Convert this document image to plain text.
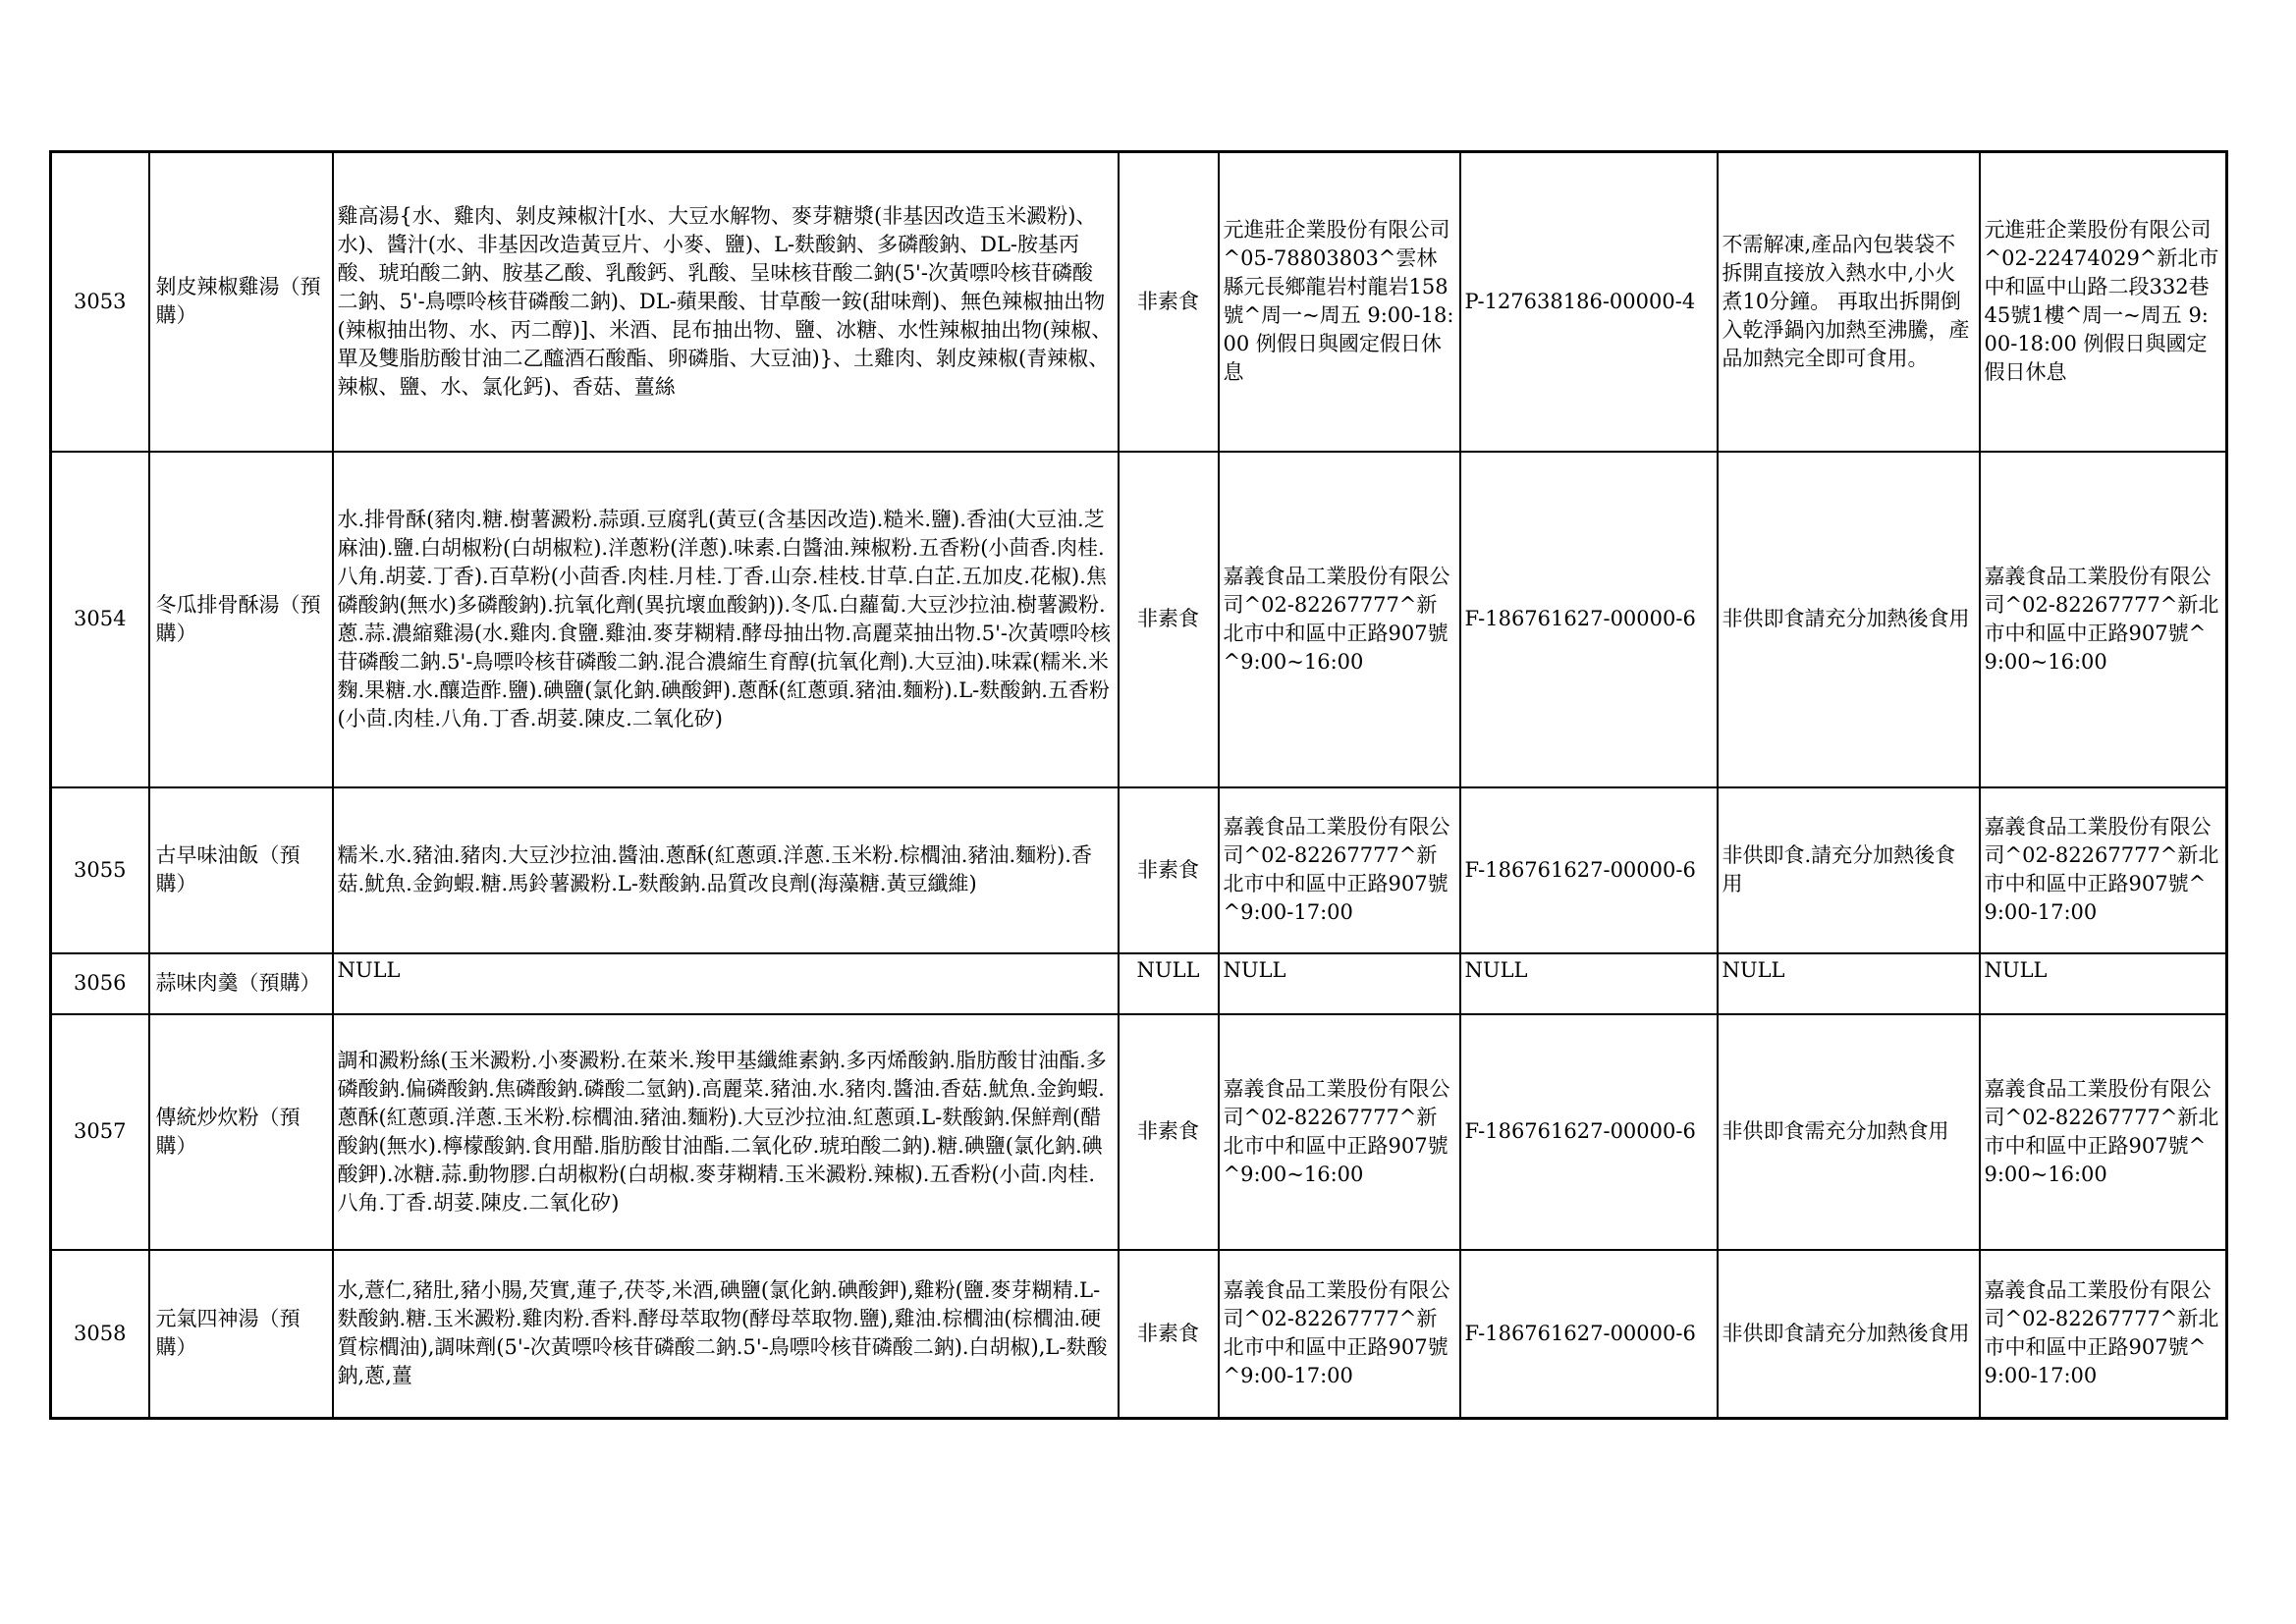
3053	剝皮辣椒雞湯（預購）	雞高湯{水、雞肉、剝皮辣椒汁[水、大豆水解物、麥芽糖漿(非基因改造玉米澱粉)、水)、醬汁(水、非基因改造黃豆片、小麥、鹽)、L-麩酸鈉、多磷酸鈉、DL-胺基丙酸、琥珀酸二鈉、胺基乙酸、乳酸鈣、乳酸、呈味核苷酸二鈉(5'-次黃嘌呤核苷磷酸二鈉、5'-鳥嘌呤核苷磷酸二鈉)、DL-蘋果酸、甘草酸一銨(甜味劑)、無色辣椒抽出物(辣椒抽出物、水、丙二醇)]、米酒、昆布抽出物、鹽、冰糖、水性辣椒抽出物(辣椒、單及雙脂肪酸甘油二乙醯酒石酸酯、卵磷脂、大豆油)}、土雞肉、剝皮辣椒(青辣椒、辣椒、鹽、水、氯化鈣)、香菇、薑絲	非素食	元進莊企業股份有限公司^05-78803803^雲林縣元長鄉龍岩村龍岩158號^周一~周五 9:00-18:00 例假日與國定假日休息	P-127638186-00000-4	不需解凍,產品內包裝袋不拆開直接放入熱水中,小火煮10分鐘。 再取出拆開倒入乾淨鍋內加熱至沸騰，產品加熱完全即可食用。	元進莊企業股份有限公司^02-22474029^新北市中和區中山路二段332巷45號1樓^周一~周五 9:00-18:00 例假日與國定假日休息
3054	冬瓜排骨酥湯（預購）	水.排骨酥(豬肉.糖.樹薯澱粉.蒜頭.豆腐乳(黃豆(含基因改造).糙米.鹽).香油(大豆油.芝麻油).鹽.白胡椒粉(白胡椒粒).洋蔥粉(洋蔥).味素.白醬油.辣椒粉.五香粉(小茴香.肉桂.八角.胡荽.丁香).百草粉(小茴香.肉桂.月桂.丁香.山奈.桂枝.甘草.白芷.五加皮.花椒).焦磷酸鈉(無水)多磷酸鈉).抗氧化劑(異抗壞血酸鈉)).冬瓜.白蘿蔔.大豆沙拉油.樹薯澱粉.蔥.蒜.濃縮雞湯(水.雞肉.食鹽.雞油.麥芽糊精.酵母抽出物.高麗菜抽出物.5'-次黃嘌呤核苷磷酸二鈉.5'-鳥嘌呤核苷磷酸二鈉.混合濃縮生育醇(抗氧化劑).大豆油).味霖(糯米.米麴.果糖.水.釀造酢.鹽).碘鹽(氯化鈉.碘酸鉀).蔥酥(紅蔥頭.豬油.麵粉).L-麩酸鈉.五香粉(小茴.肉桂.八角.丁香.胡荽.陳皮.二氧化矽)	非素食	嘉義食品工業股份有限公司^02-82267777^新北市中和區中正路907號^9:00~16:00	F-186761627-00000-6	非供即食請充分加熱後食用	嘉義食品工業股份有限公司^02-82267777^新北市中和區中正路907號^9:00~16:00
3055	古早味油飯（預購）	糯米.水.豬油.豬肉.大豆沙拉油.醬油.蔥酥(紅蔥頭.洋蔥.玉米粉.棕櫚油.豬油.麵粉).香菇.魷魚.金鉤蝦.糖.馬鈴薯澱粉.L-麩酸鈉.品質改良劑(海藻糖.黃豆纖維)	非素食	嘉義食品工業股份有限公司^02-82267777^新北市中和區中正路907號^9:00-17:00	F-186761627-00000-6	非供即食.請充分加熱後食用	嘉義食品工業股份有限公司^02-82267777^新北市中和區中正路907號^9:00-17:00
3056	蒜味肉羹（預購）	NULL	NULL	NULL	NULL	NULL	NULL
3057	傳統炒炊粉（預購）	調和澱粉絲(玉米澱粉.小麥澱粉.在萊米.羧甲基纖維素鈉.多丙烯酸鈉.脂肪酸甘油酯.多磷酸鈉.偏磷酸鈉.焦磷酸鈉.磷酸二氫鈉).高麗菜.豬油.水.豬肉.醬油.香菇.魷魚.金鉤蝦.蔥酥(紅蔥頭.洋蔥.玉米粉.棕櫚油.豬油.麵粉).大豆沙拉油.紅蔥頭.L-麩酸鈉.保鮮劑(醋酸鈉(無水).檸檬酸鈉.食用醋.脂肪酸甘油酯.二氧化矽.琥珀酸二鈉).糖.碘鹽(氯化鈉.碘酸鉀).冰糖.蒜.動物膠.白胡椒粉(白胡椒.麥芽糊精.玉米澱粉.辣椒).五香粉(小茴.肉桂.八角.丁香.胡荽.陳皮.二氧化矽)	非素食	嘉義食品工業股份有限公司^02-82267777^新北市中和區中正路907號^9:00~16:00	F-186761627-00000-6	非供即食需充分加熱食用	嘉義食品工業股份有限公司^02-82267777^新北市中和區中正路907號^9:00~16:00
3058	元氣四神湯（預購）	水,薏仁,豬肚,豬小腸,芡實,蓮子,茯苓,米酒,碘鹽(氯化鈉.碘酸鉀),雞粉(鹽.麥芽糊精.L-麩酸鈉.糖.玉米澱粉.雞肉粉.香料.酵母萃取物(酵母萃取物.鹽),雞油.棕櫚油(棕櫚油.硬質棕櫚油),調味劑(5'-次黃嘌呤核苷磷酸二鈉.5'-鳥嘌呤核苷磷酸二鈉).白胡椒),L-麩酸鈉,蔥,薑	非素食	嘉義食品工業股份有限公司^02-82267777^新北市中和區中正路907號^9:00-17:00	F-186761627-00000-6	非供即食請充分加熱後食用	嘉義食品工業股份有限公司^02-82267777^新北市中和區中正路907號^9:00-17:00
